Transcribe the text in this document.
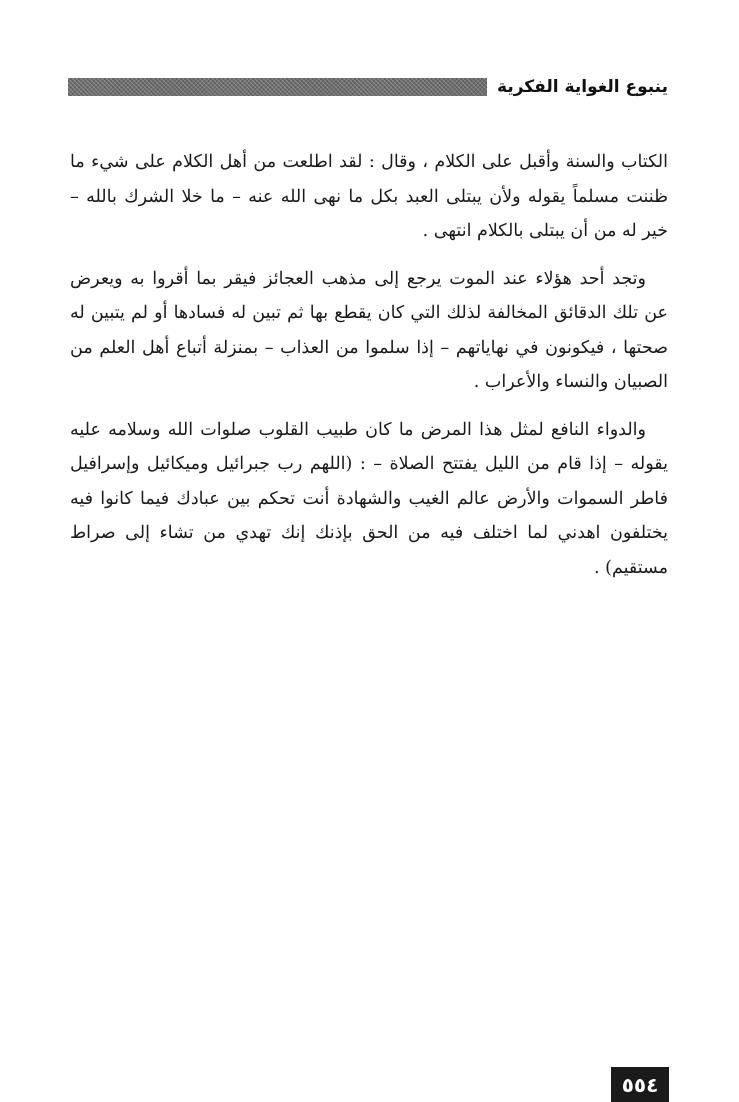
ينبوع الغواية الفكرية

الكتاب والسنة وأقبل على الكلام ، وقال : لقد اطلعت من أهل الكلام على شيء ما ظننت مسلماً يقوله ولأن يبتلى العبد بكل ما نهى الله عنه – ما خلا الشرك بالله – خير له من أن يبتلى بالكلام انتهى .

وتجد أحد هؤلاء عند الموت يرجع إلى مذهب العجائز فيقر بما أقروا به ويعرض عن تلك الدقائق المخالفة لذلك التي كان يقطع بها ثم تبين له فسادها أو لم يتبين له صحتها ، فيكونون في نهاياتهم – إذا سلموا من العذاب – بمنزلة أتباع أهل العلم من الصبيان والنساء والأعراب .

والدواء النافع لمثل هذا المرض ما كان طبيب القلوب صلوات الله وسلامه عليه يقوله – إذا قام من الليل يفتتح الصلاة – : (اللهم رب جبرائيل وميكائيل وإسرافيل فاطر السموات والأرض عالم الغيب والشهادة أنت تحكم بين عبادك فيما كانوا فيه يختلفون اهدني لما اختلف فيه من الحق بإذنك إنك تهدي من تشاء إلى صراط مستقيم) .

٥٥٤
